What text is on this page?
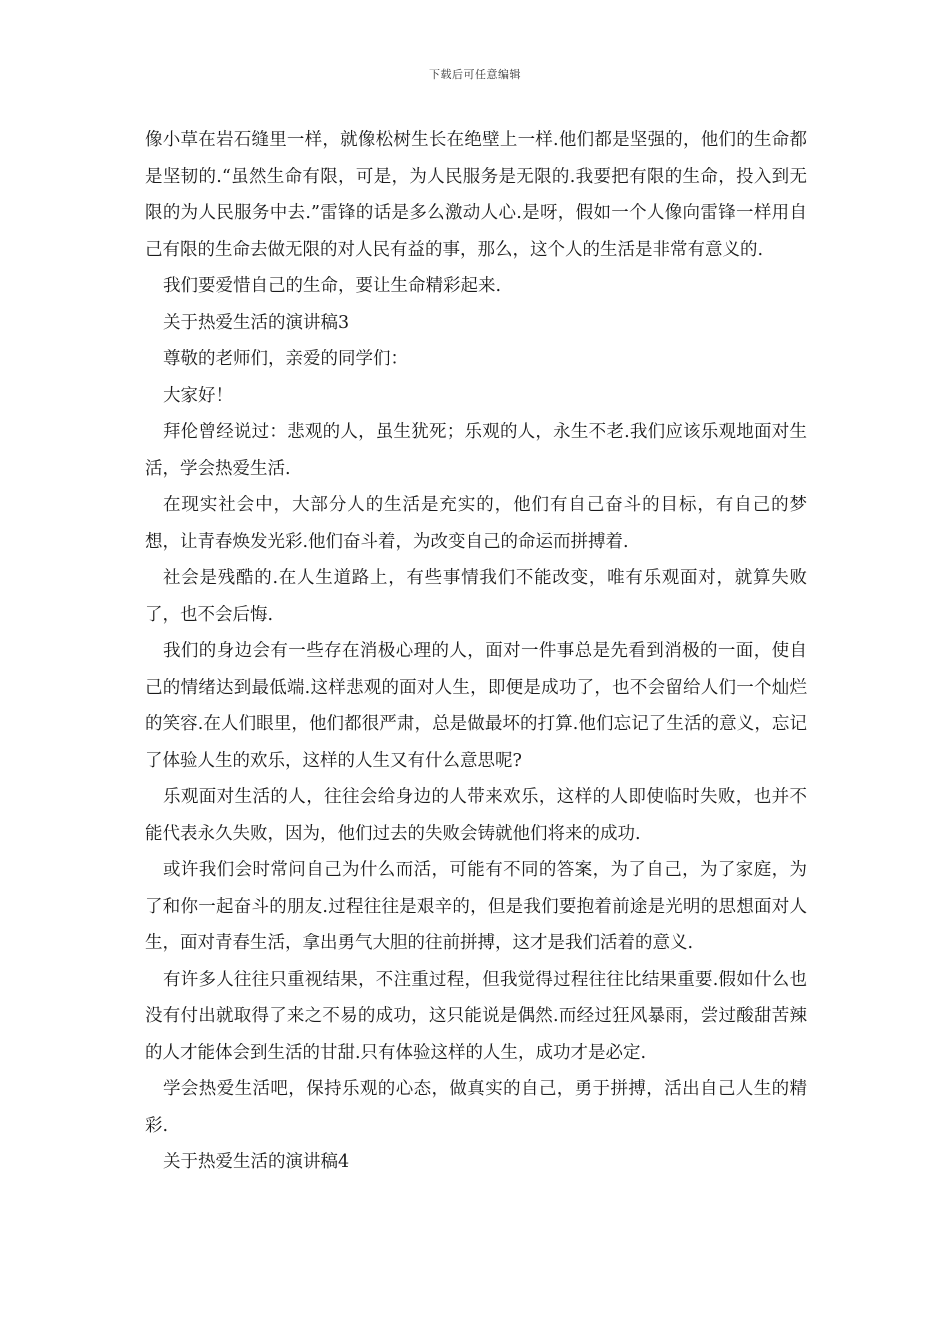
下载后可任意编辑

像小草在岩石缝里一样，就像松树生长在绝壁上一样.他们都是坚强的，他们的生命都是坚韧的.“虽然生命有限，可是，为人民服务是无限的.我要把有限的生命，投入到无限的为人民服务中去.”雷锋的话是多么激动人心.是呀，假如一个人像向雷锋一样用自己有限的生命去做无限的对人民有益的事，那么，这个人的生活是非常有意义的.

我们要爱惜自己的生命，要让生命精彩起来.

关于热爱生活的演讲稿3

尊敬的老师们，亲爱的同学们：

大家好！

拜伦曾经说过：悲观的人，虽生犹死；乐观的人，永生不老.我们应该乐观地面对生活，学会热爱生活.

在现实社会中，大部分人的生活是充实的，他们有自己奋斗的目标，有自己的梦想，让青春焕发光彩.他们奋斗着，为改变自己的命运而拼搏着.

社会是残酷的.在人生道路上，有些事情我们不能改变，唯有乐观面对，就算失败了，也不会后悔.

我们的身边会有一些存在消极心理的人，面对一件事总是先看到消极的一面，使自己的情绪达到最低端.这样悲观的面对人生，即便是成功了，也不会留给人们一个灿烂的笑容.在人们眼里，他们都很严肃，总是做最坏的打算.他们忘记了生活的意义，忘记了体验人生的欢乐，这样的人生又有什么意思呢?

乐观面对生活的人，往往会给身边的人带来欢乐，这样的人即使临时失败，也并不能代表永久失败，因为，他们过去的失败会铸就他们将来的成功.

或许我们会时常问自己为什么而活，可能有不同的答案，为了自己，为了家庭，为了和你一起奋斗的朋友.过程往往是艰辛的，但是我们要抱着前途是光明的思想面对人生，面对青春生活，拿出勇气大胆的往前拼搏，这才是我们活着的意义.

有许多人往往只重视结果，不注重过程，但我觉得过程往往比结果重要.假如什么也没有付出就取得了来之不易的成功，这只能说是偶然.而经过狂风暴雨，尝过酸甜苦辣的人才能体会到生活的甘甜.只有体验这样的人生，成功才是必定.

学会热爱生活吧，保持乐观的心态，做真实的自己，勇于拼搏，活出自己人生的精彩.

关于热爱生活的演讲稿4
